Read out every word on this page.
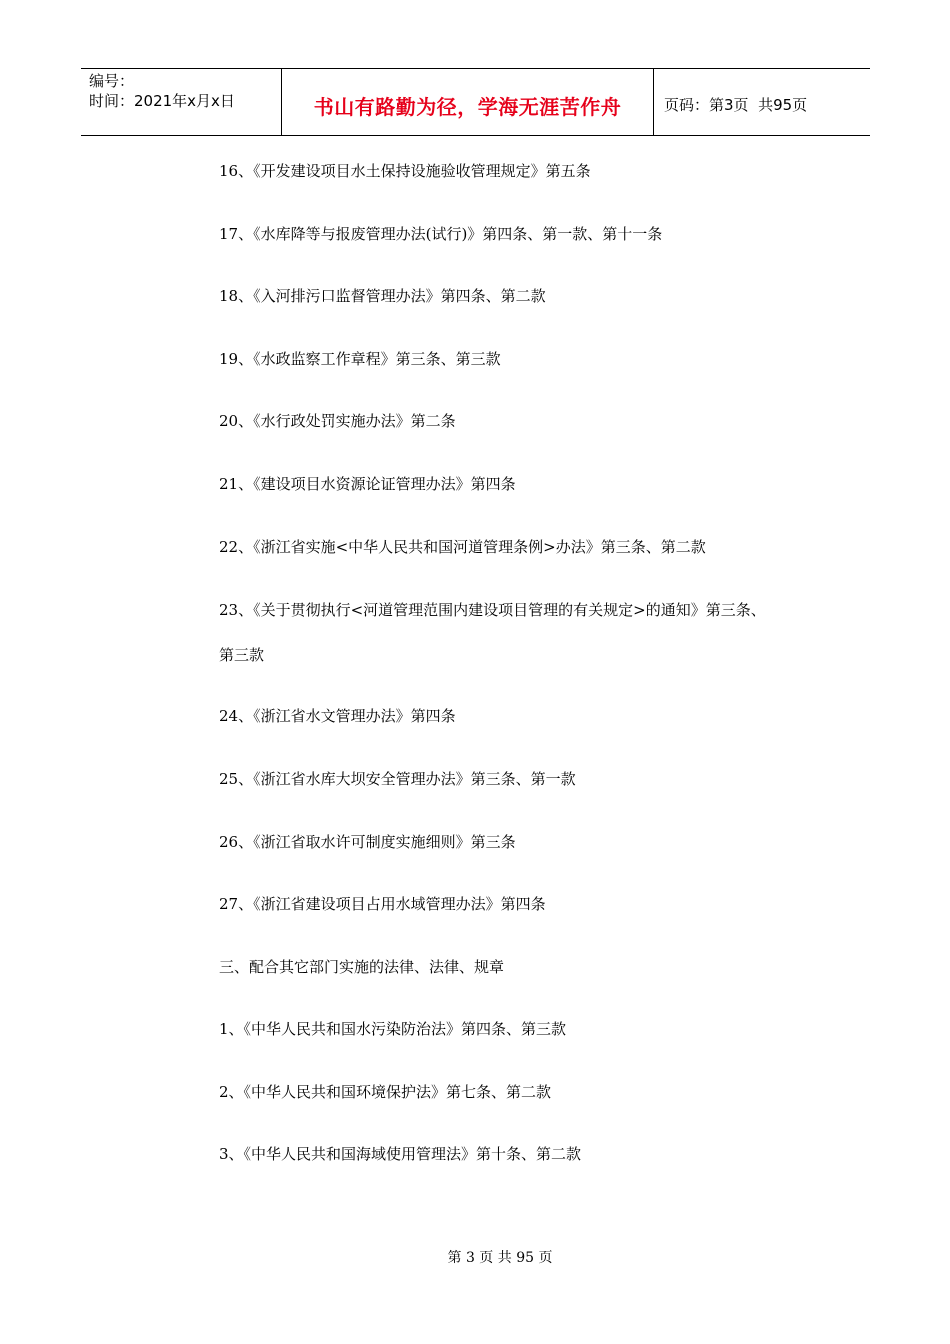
编号：
时间：2021年x月x日	书山有路勤为径，学海无涯苦作舟	页码：第3页  共95页
16、《开发建设项目水土保持设施验收管理规定》第五条
17、《水库降等与报废管理办法(试行)》第四条、第一款、第十一条
18、《入河排污口监督管理办法》第四条、第二款
19、《水政监察工作章程》第三条、第三款
20、《水行政处罚实施办法》第二条
21、《建设项目水资源论证管理办法》第四条
22、《浙江省实施<中华人民共和国河道管理条例>办法》第三条、第二款
23、《关于贯彻执行<河道管理范围内建设项目管理的有关规定>的通知》第三条、
第三款
24、《浙江省水文管理办法》第四条
25、《浙江省水库大坝安全管理办法》第三条、第一款
26、《浙江省取水许可制度实施细则》第三条
27、《浙江省建设项目占用水域管理办法》第四条
三、配合其它部门实施的法律、法律、规章
1、《中华人民共和国水污染防治法》第四条、第三款
2、《中华人民共和国环境保护法》第七条、第二款
3、《中华人民共和国海域使用管理法》第十条、第二款
第 3 页 共 95 页
